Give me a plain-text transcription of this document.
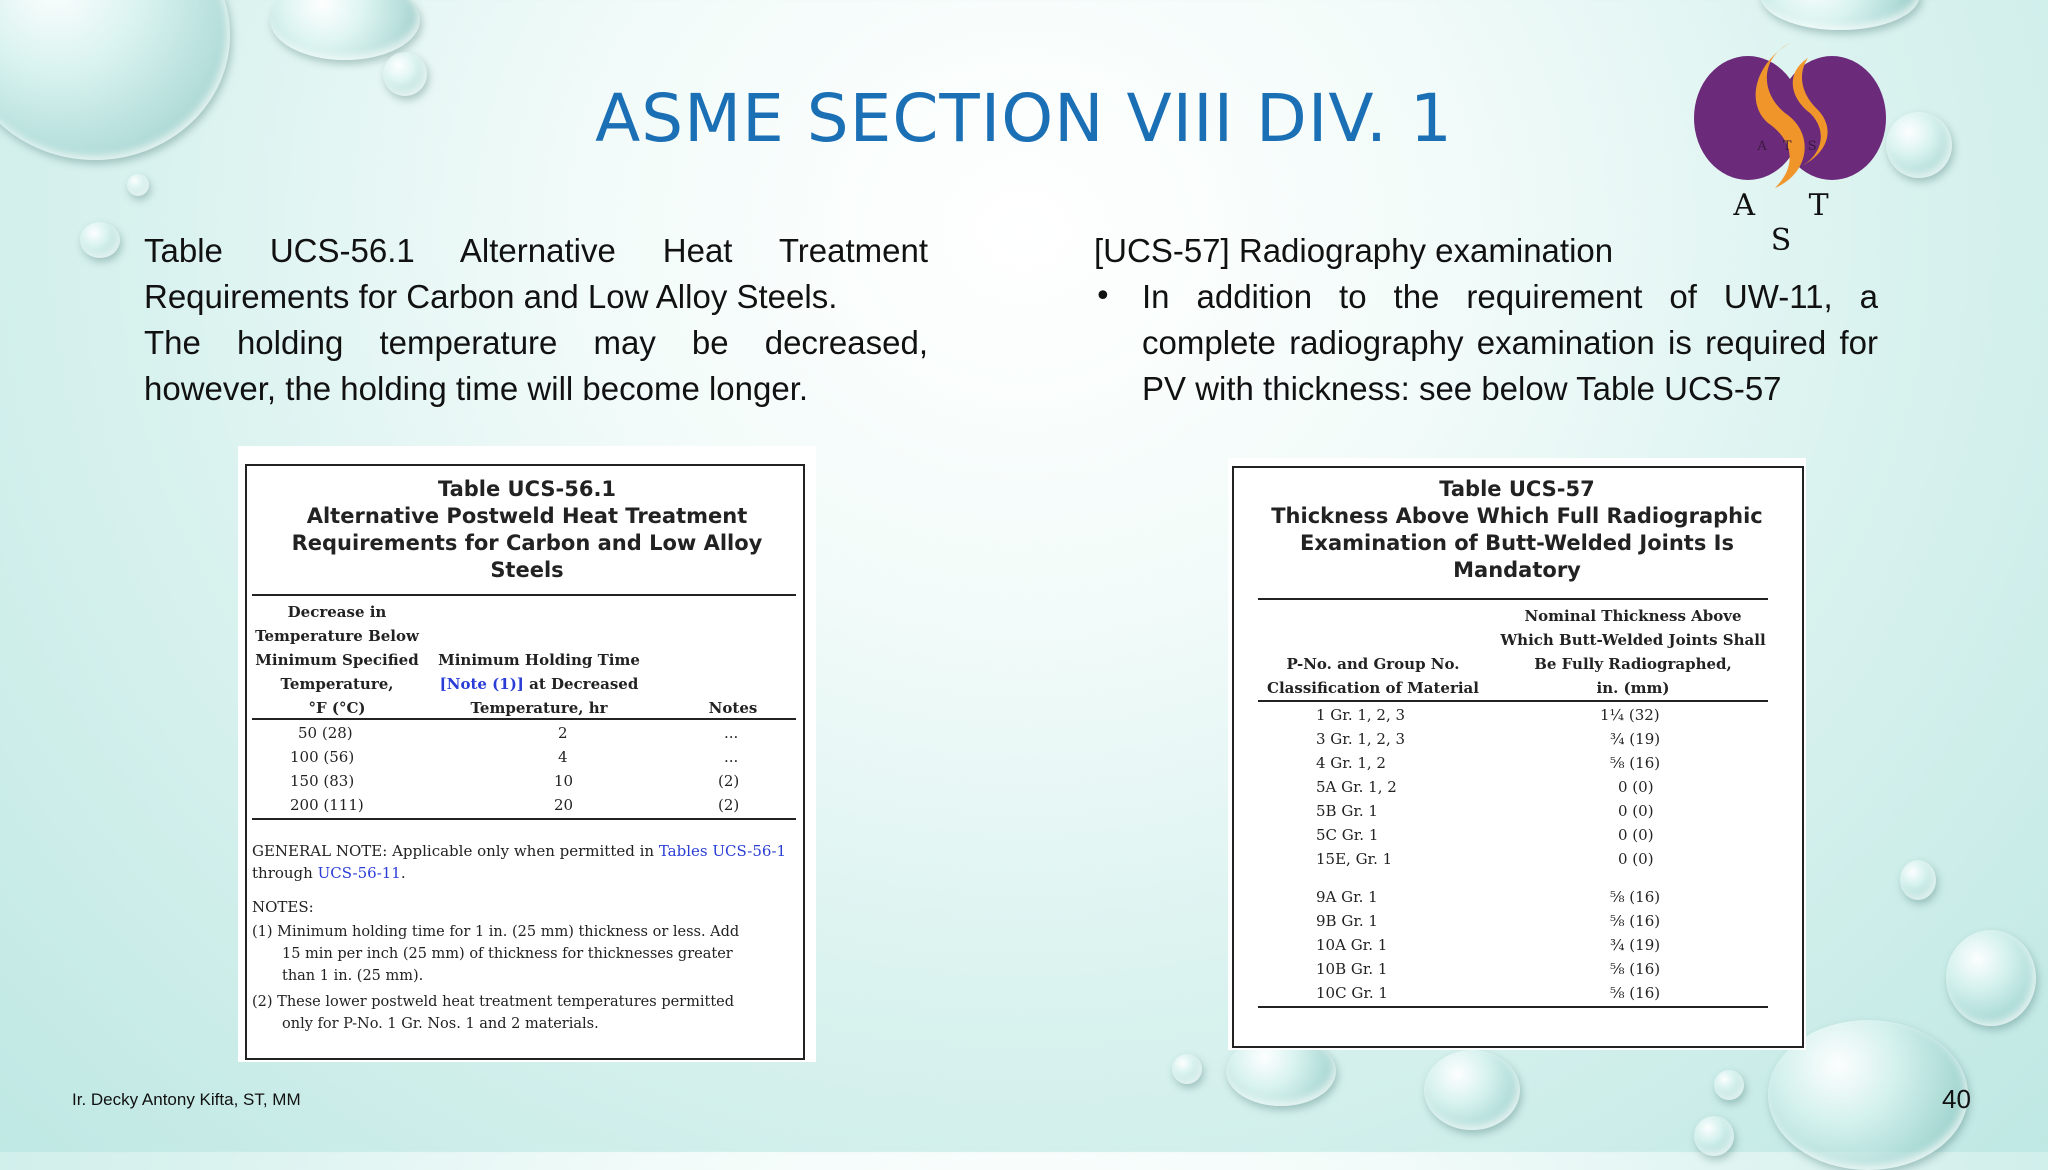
ASME SECTION VIII DIV. 1	A T S
A T S

Table UCS-56.1 Alternative Heat Treatment Requirements for Carbon and Low Alloy Steels.

The holding temperature may be decreased, however, the holding time will become longer.

[UCS-57] Radiography examination
• In addition to the requirement of UW-11, a complete radiography examination is required for PV with thickness: see below Table UCS-57
Table UCS-56.1
Alternative Postweld Heat Treatment
Requirements for Carbon and Low Alloy
Steels
Decrease in
Temperature Below
Minimum Specified
Temperature,
°F (°C)
Minimum Holding Time
[Note (1)] at Decreased
Temperature, hr	Notes
50 (28)	2	...
100 (56)	4	...
150 (83)	10	(2)
200 (111)	20	(2)
GENERAL NOTE: Applicable only when permitted in Tables UCS-56-1 through UCS-56-11.
NOTES:
(1) Minimum holding time for 1 in. (25 mm) thickness or less. Add
15 min per inch (25 mm) of thickness for thicknesses greater
than 1 in. (25 mm).
(2) These lower postweld heat treatment temperatures permitted
only for P-No. 1 Gr. Nos. 1 and 2 materials.
Table UCS-57
Thickness Above Which Full Radiographic
Examination of Butt-Welded Joints Is
Mandatory
P-No. and Group No.
Classification of Material
Nominal Thickness Above
Which Butt-Welded Joints Shall
Be Fully Radiographed,
in. (mm)
1 Gr. 1, 2, 3	1¼ (32)
3 Gr. 1, 2, 3	¾ (19)
4 Gr. 1, 2	⅝ (16)
5A Gr. 1, 2	0 (0)
5B Gr. 1	0 (0)
5C Gr. 1	0 (0)
15E, Gr. 1	0 (0)
9A Gr. 1	⅝ (16)
9B Gr. 1	⅝ (16)
10A Gr. 1	¾ (19)
10B Gr. 1	⅝ (16)
10C Gr. 1	⅝ (16)
Ir. Decky Antony Kifta, ST, MM	40
